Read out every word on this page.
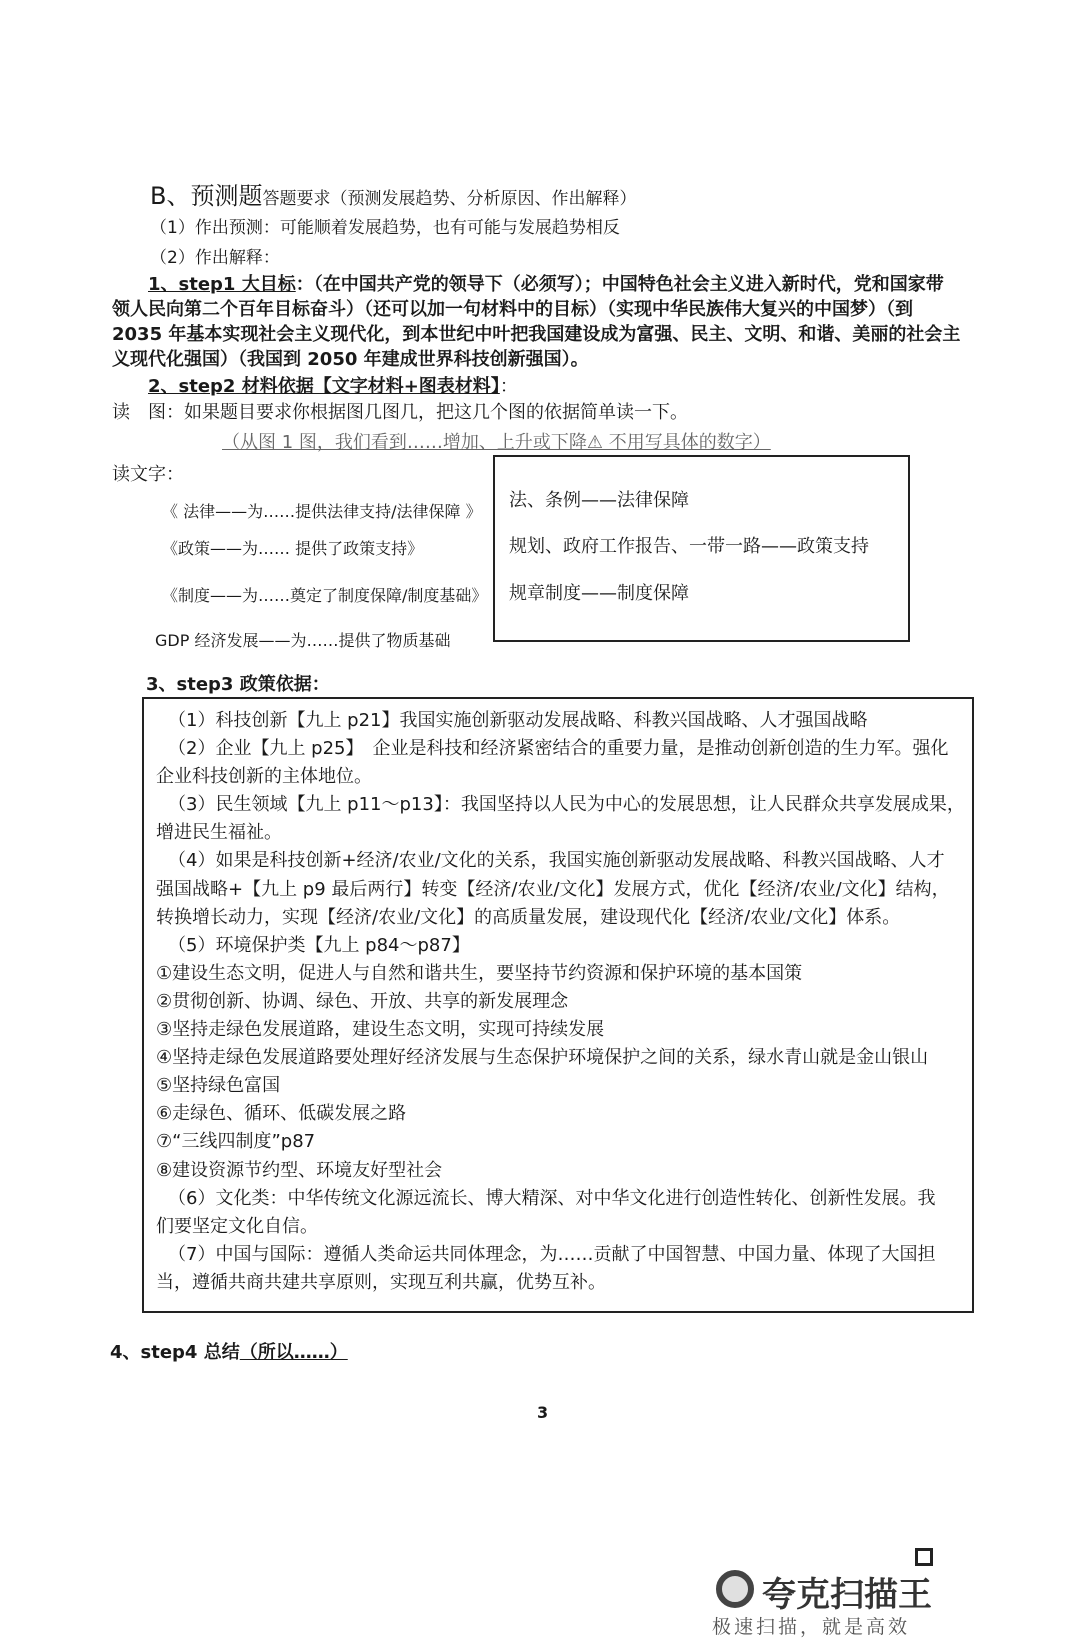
B、预测题答题要求（预测发展趋势、分析原因、作出解释）
（1）作出预测：可能顺着发展趋势，也有可能与发展趋势相反
（2）作出解释：
1、step1 大目标：（在中国共产党的领导下（必须写）；中国特色社会主义进入新时代，党和国家带
领人民向第二个百年目标奋斗）（还可以加一句材料中的目标）（实现中华民族伟大复兴的中国梦）（到
2035 年基本实现社会主义现代化，到本世纪中叶把我国建设成为富强、民主、文明、和谐、美丽的社会主
义现代化强国）（我国到 2050 年建成世界科技创新强国）。
2、step2 材料依据【文字材料+图表材料】：
读　图：如果题目要求你根据图几图几，把这几个图的依据简单读一下。
（从图 1 图，我们看到……增加、上升或下降⚠ 不用写具体的数字）
读文字：
《 法律——为……提供法律支持/法律保障 》
《政策——为…… 提供了政策支持》
《制度——为……奠定了制度保障/制度基础》
GDP 经济发展——为……提供了物质基础
法、条例——法律保障
规划、政府工作报告、一带一路——政策支持
规章制度——制度保障
3、step3 政策依据：
（1）科技创新【九上 p21】我国实施创新驱动发展战略、科教兴国战略、人才强国战略
（2）企业【九上 p25】　企业是科技和经济紧密结合的重要力量，是推动创新创造的生力军。强化
企业科技创新的主体地位。
（3）民生领域【九上 p11～p13】：我国坚持以人民为中心的发展思想，让人民群众共享发展成果，
增进民生福祉。
（4）如果是科技创新+经济/农业/文化的关系，我国实施创新驱动发展战略、科教兴国战略、人才
强国战略+【九上 p9 最后两行】转变【经济/农业/文化】发展方式，优化【经济/农业/文化】结构，
转换增长动力，实现【经济/农业/文化】的高质量发展，建设现代化【经济/农业/文化】体系。
（5）环境保护类【九上 p84～p87】
①建设生态文明，促进人与自然和谐共生，要坚持节约资源和保护环境的基本国策
②贯彻创新、协调、绿色、开放、共享的新发展理念
③坚持走绿色发展道路，建设生态文明，实现可持续发展
④坚持走绿色发展道路要处理好经济发展与生态保护环境保护之间的关系，绿水青山就是金山银山
⑤坚持绿色富国
⑥走绿色、循环、低碳发展之路
⑦“三线四制度”p87
⑧建设资源节约型、环境友好型社会
（6）文化类：中华传统文化源远流长、博大精深、对中华文化进行创造性转化、创新性发展。我
们要坚定文化自信。
（7）中国与国际：遵循人类命运共同体理念，为……贡献了中国智慧、中国力量、体现了大国担
当，遵循共商共建共享原则，实现互利共赢，优势互补。
4、step4 总结（所以……）
3
夸克扫描王
极速扫描，就是高效
